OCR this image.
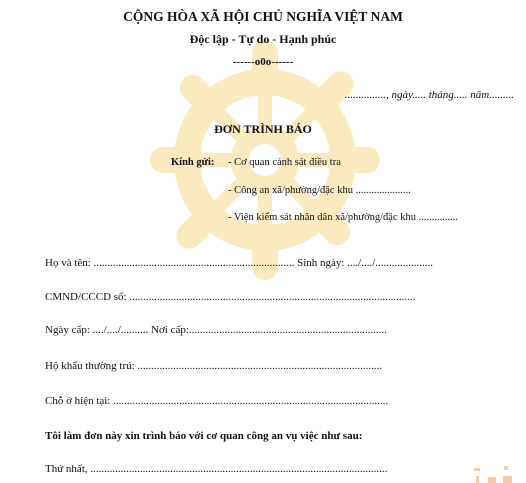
CỘNG HÒA XÃ HỘI CHỦ NGHĨA VIỆT NAM
Độc lập - Tự do - Hạnh phúc
------o0o------
..............., ngày..... tháng..... năm.........
ĐƠN TRÌNH BÁO
Kính gửi: - Cơ quan cảnh sát điều tra
- Công an xã/phường/đặc khu .....................
- Viện kiểm sát nhân dân xã/phường/đặc khu ...............
Họ và tên: ......................................................................... Sinh ngày: ..../..../.....................
CMND/CCCD số: ........................................................................................................
Ngày cấp: ..../..../.......... Nơi cấp:........................................................................
Hộ khẩu thường trú: .........................................................................................
Chỗ ở hiện tại: ....................................................................................................
Tôi làm đơn này xin trình báo với cơ quan công an vụ việc như sau:
Thứ nhất, ............................................................................................................
